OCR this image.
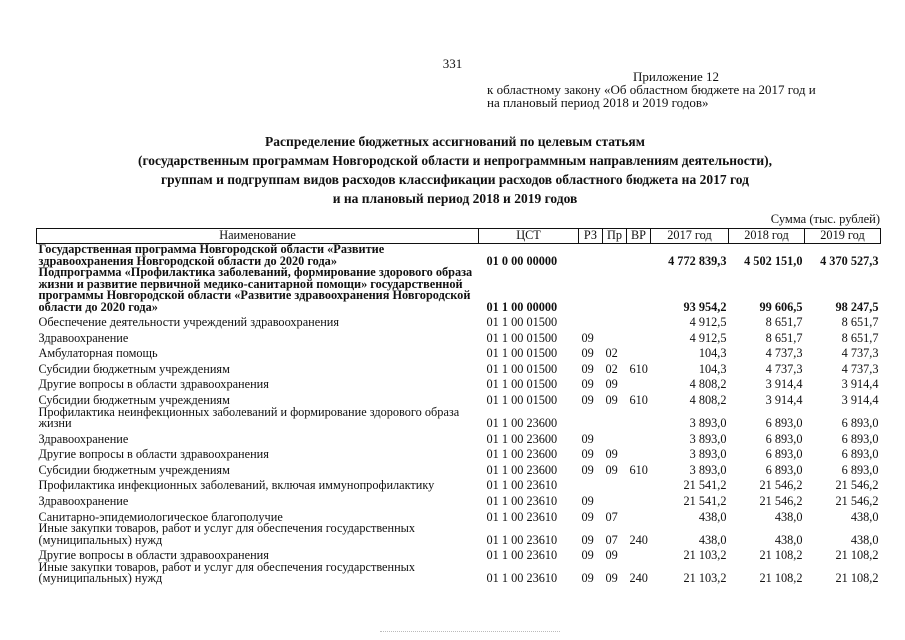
331
Приложение 12
к областному закону «Об областном бюджете на 2017 год и
на плановый период 2018 и 2019 годов»
Распределение бюджетных ассигнований по целевым статьям
(государственным программам Новгородской области и непрограммным направлениям деятельности),
группам и подгруппам видов расходов классификации расходов областного бюджета на 2017 год
и на плановый период 2018 и 2019 годов
Сумма (тыс. рублей)
Наименование	ЦСТ	РЗ	Пр	ВР	2017 год	2018 год	2019 год
Государственная программа Новгородской области «Развитие здравоохранения Новгородской области до 2020 года»	01 0 00 00000				4 772 839,3	4 502 151,0	4 370 527,3
Подпрограмма «Профилактика заболеваний, формирование здорового образа жизни и развитие первичной медико-санитарной помощи» государственной программы Новгородской области «Развитие здравоохранения Новгородской области до 2020 года»	01 1 00 00000				93 954,2	99 606,5	98 247,5
Обеспечение деятельности учреждений здравоохранения	01 1 00 01500				4 912,5	8 651,7	8 651,7
Здравоохранение	01 1 00 01500	09			4 912,5	8 651,7	8 651,7
Амбулаторная помощь	01 1 00 01500	09	02		104,3	4 737,3	4 737,3
Субсидии бюджетным учреждениям	01 1 00 01500	09	02	610	104,3	4 737,3	4 737,3
Другие вопросы в области здравоохранения	01 1 00 01500	09	09		4 808,2	3 914,4	3 914,4
Субсидии бюджетным учреждениям	01 1 00 01500	09	09	610	4 808,2	3 914,4	3 914,4
Профилактика неинфекционных заболеваний и формирование здорового образа жизни	01 1 00 23600				3 893,0	6 893,0	6 893,0
Здравоохранение	01 1 00 23600	09			3 893,0	6 893,0	6 893,0
Другие вопросы в области здравоохранения	01 1 00 23600	09	09		3 893,0	6 893,0	6 893,0
Субсидии бюджетным учреждениям	01 1 00 23600	09	09	610	3 893,0	6 893,0	6 893,0
Профилактика инфекционных заболеваний, включая иммунопрофилактику	01 1 00 23610				21 541,2	21 546,2	21 546,2
Здравоохранение	01 1 00 23610	09			21 541,2	21 546,2	21 546,2
Санитарно-эпидемиологическое благополучие	01 1 00 23610	09	07		438,0	438,0	438,0
Иные закупки товаров, работ и услуг для обеспечения государственных (муниципальных) нужд	01 1 00 23610	09	07	240	438,0	438,0	438,0
Другие вопросы в области здравоохранения	01 1 00 23610	09	09		21 103,2	21 108,2	21 108,2
Иные закупки товаров, работ и услуг для обеспечения государственных (муниципальных) нужд	01 1 00 23610	09	09	240	21 103,2	21 108,2	21 108,2
